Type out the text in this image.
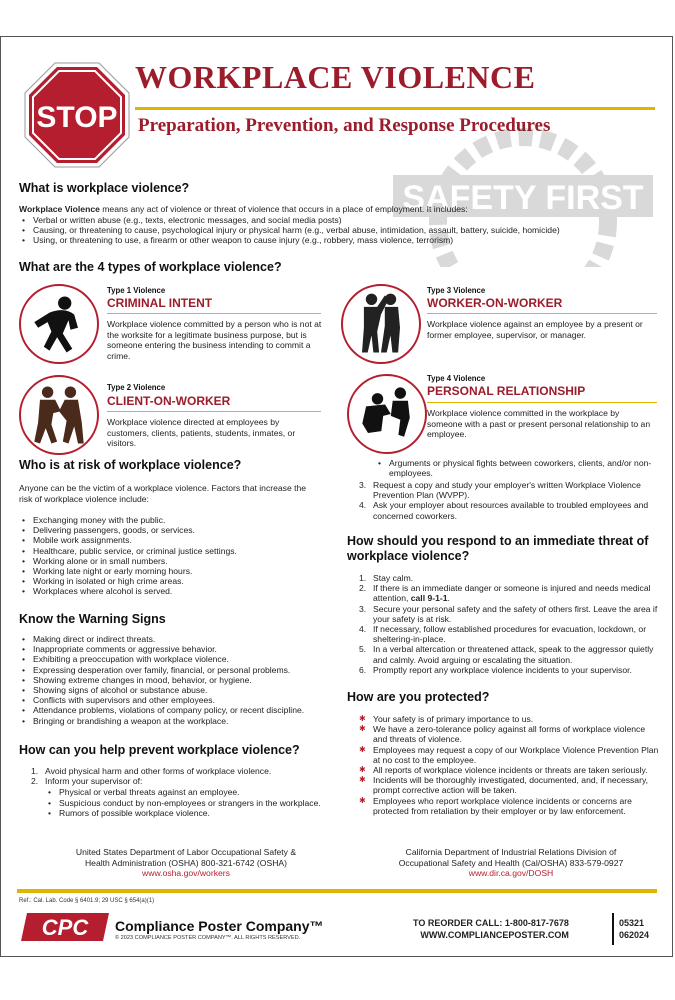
STOP
WORKPLACE VIOLENCE
Preparation, Prevention, and Response Procedures
SAFETY FIRST
What is workplace violence?
Workplace Violence means any act of violence or threat of violence that occurs in a place of employment. It includes:
• Verbal or written abuse (e.g., texts, electronic messages, and social media posts)
• Causing, or threatening to cause, psychological injury or physical harm (e.g., verbal abuse, intimidation, assault, battery, suicide, homicide)
• Using, or threatening to use, a firearm or other weapon to cause injury (e.g., robbery, mass violence, terrorism)
What are the 4 types of workplace violence?
Type 1 Violence
CRIMINAL INTENT
Workplace violence committed by a person who is not at the worksite for a legitimate business purpose, but is someone entering the business intending to commit a crime.
Type 2 Violence
CLIENT-ON-WORKER
Workplace violence directed at employees by customers, clients, patients, students, inmates, or visitors.
Type 3 Violence
WORKER-ON-WORKER
Workplace violence against an employee by a present or former employee, supervisor, or manager.
Type 4 Violence
PERSONAL RELATIONSHIP
Workplace violence committed in the workplace by someone with a past or present personal relationship to an employee.
Who is at risk of workplace violence?
Anyone can be the victim of a workplace violence. Factors that increase the risk of workplace violence include:
• Exchanging money with the public.
• Delivering passengers, goods, or services.
• Mobile work assignments.
• Healthcare, public service, or criminal justice settings.
• Working alone or in small numbers.
• Working late night or early morning hours.
• Working in isolated or high crime areas.
• Workplaces where alcohol is served.
Know the Warning Signs
• Making direct or indirect threats.
• Inappropriate comments or aggressive behavior.
• Exhibiting a preoccupation with workplace violence.
• Expressing desperation over family, financial, or personal problems.
• Showing extreme changes in mood, behavior, or hygiene.
• Showing signs of alcohol or substance abuse.
• Conflicts with supervisors and other employees.
• Attendance problems, violations of company policy, or recent discipline.
• Bringing or brandishing a weapon at the workplace.
How can you help prevent workplace violence?
1. Avoid physical harm and other forms of workplace violence.
2. Inform your supervisor of:
• Physical or verbal threats against an employee.
• Suspicious conduct by non-employees or strangers in the workplace.
• Rumors of possible workplace violence.
• Arguments or physical fights between coworkers, clients, and/or non-employees.
3. Request a copy and study your employer's written Workplace Violence Prevention Plan (WVPP).
4. Ask your employer about resources available to troubled employees and concerned coworkers.
How should you respond to an immediate threat of workplace violence?
1. Stay calm.
2. If there is an immediate danger or someone is injured and needs medical attention, call 9-1-1.
3. Secure your personal safety and the safety of others first. Leave the area if your safety is at risk.
4. If necessary, follow established procedures for evacuation, lockdown, or sheltering-in-place.
5. In a verbal altercation or threatened attack, speak to the aggressor quietly and calmly. Avoid arguing or escalating the situation.
6. Promptly report any workplace violence incidents to your supervisor.
How are you protected?
✱ Your safety is of primary importance to us.
✱ We have a zero-tolerance policy against all forms of workplace violence and threats of violence.
✱ Employees may request a copy of our Workplace Violence Prevention Plan at no cost to the employee.
✱ All reports of workplace violence incidents or threats are taken seriously.
✱ Incidents will be thoroughly investigated, documented, and, if necessary, prompt corrective action will be taken.
✱ Employees who report workplace violence incidents or concerns are protected from retaliation by their employer or by law enforcement.
United States Department of Labor Occupational Safety &
Health Administration (OSHA) 800-321-6742 (OSHA)
www.osha.gov/workers
California Department of Industrial Relations Division of
Occupational Safety and Health (Cal/OSHA) 833-579-0927
www.dir.ca.gov/DOSH
Ref.: Cal. Lab. Code § 6401.9; 29 USC § 654(a)(1)
CPC Compliance Poster Company™
© 2023 COMPLIANCE POSTER COMPANY™. ALL RIGHTS RESERVED.
TO REORDER CALL: 1-800-817-7678
WWW.COMPLIANCEPOSTER.COM
05321
062024
